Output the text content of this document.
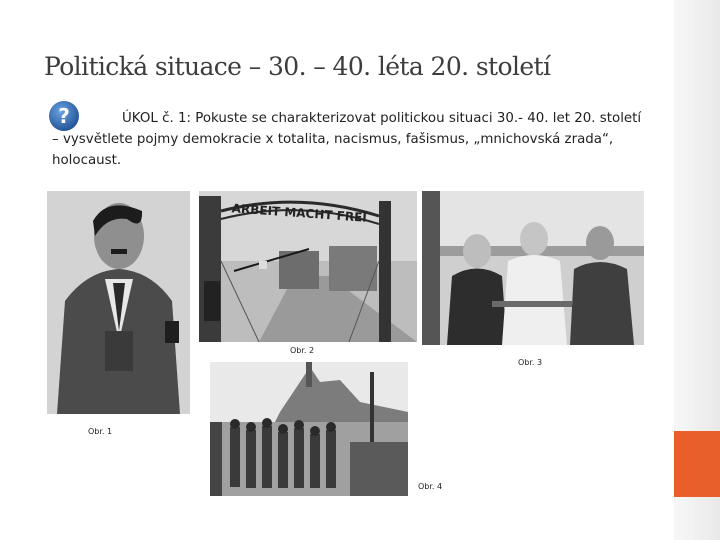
Politická situace – 30. – 40. léta 20. století
?	ÚKOL č. 1: Pokuste se charakterizovat politickou situaci 30.- 40. let 20. století – vysvětlete pojmy demokracie x totalita, nacismus, fašismus, „mnichovská zrada“, holocaust.
Obr. 1
ARBEIT MACHT FREI
Obr. 2
Obr. 3
Obr. 4
